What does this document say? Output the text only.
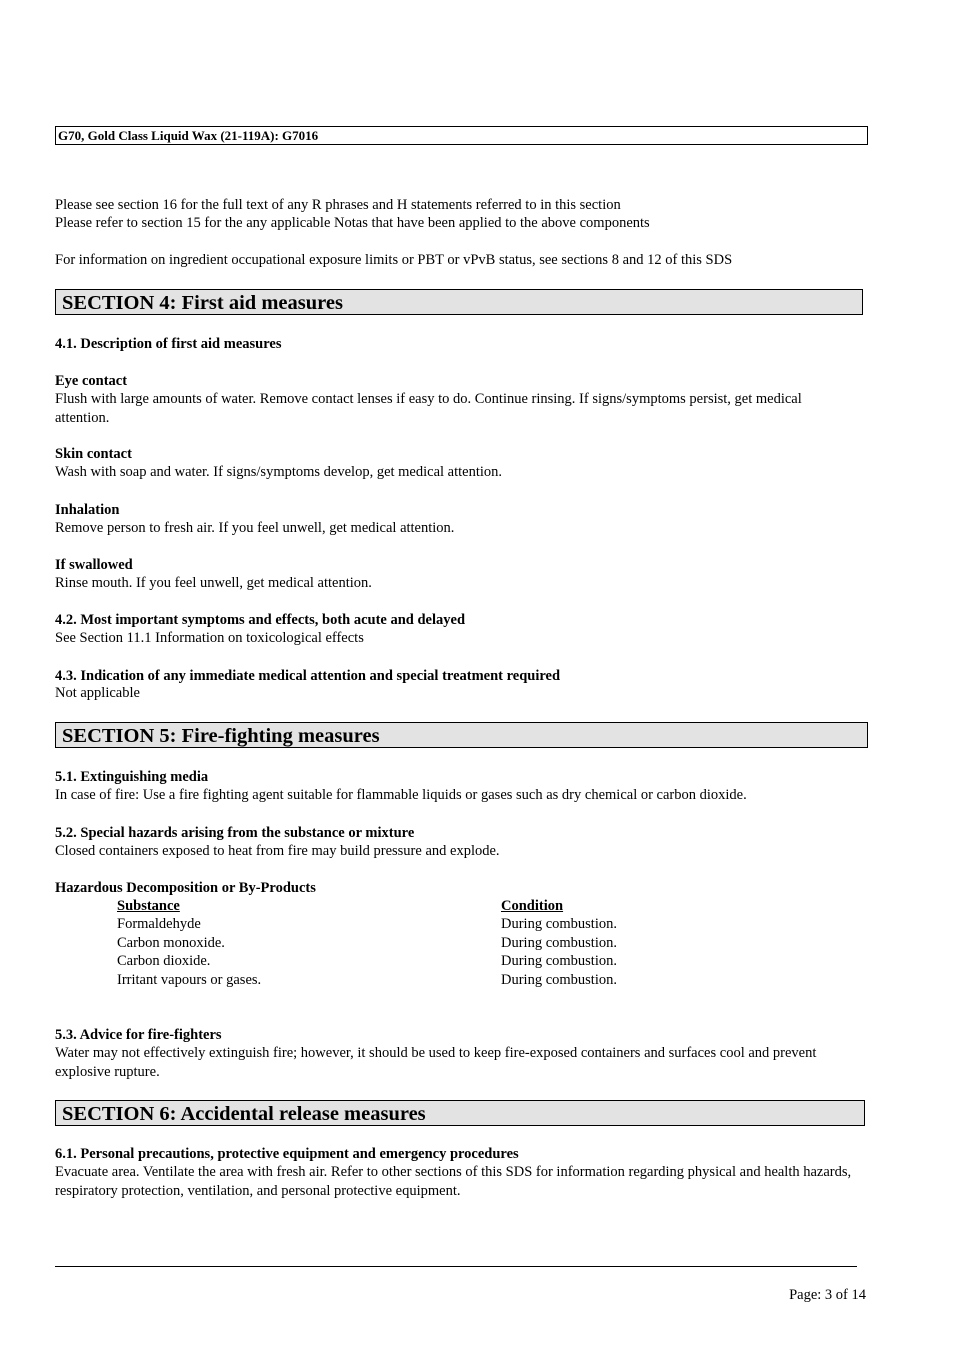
G70, Gold Class Liquid Wax (21-119A): G7016
Please see section 16 for the full text of any R phrases and H statements referred to in this section
Please refer to section 15 for the any applicable Notas that have been applied to the above components
For information on ingredient occupational exposure limits or PBT or vPvB status, see sections 8 and 12 of this SDS
SECTION 4: First aid measures
4.1. Description of first aid measures
Eye contact
Flush with large amounts of water. Remove contact lenses if easy to do. Continue rinsing. If signs/symptoms persist, get medical attention.
Skin contact
Wash with soap and water. If signs/symptoms develop, get medical attention.
Inhalation
Remove person to fresh air. If you feel unwell, get medical attention.
If swallowed
Rinse mouth. If you feel unwell, get medical attention.
4.2. Most important symptoms and effects, both acute and delayed
See Section 11.1 Information on toxicological effects
4.3. Indication of any immediate medical attention and special treatment required
Not applicable
SECTION 5: Fire-fighting measures
5.1. Extinguishing media
In case of fire: Use a fire fighting agent suitable for flammable liquids or gases such as dry chemical or carbon dioxide.
5.2. Special hazards arising from the substance or mixture
Closed containers exposed to heat from fire may build pressure and explode.
Hazardous Decomposition or By-Products
Substance	Condition
Formaldehyde	During combustion.
Carbon monoxide.	During combustion.
Carbon dioxide.	During combustion.
Irritant vapours or gases.	During combustion.
5.3. Advice for fire-fighters
Water may not effectively extinguish fire; however, it should be used to keep fire-exposed containers and surfaces cool and prevent explosive rupture.
SECTION 6: Accidental release measures
6.1. Personal precautions, protective equipment and emergency procedures
Evacuate area. Ventilate the area with fresh air. Refer to other sections of this SDS for information regarding physical and health hazards, respiratory protection, ventilation, and personal protective equipment.
Page: 3 of 14
